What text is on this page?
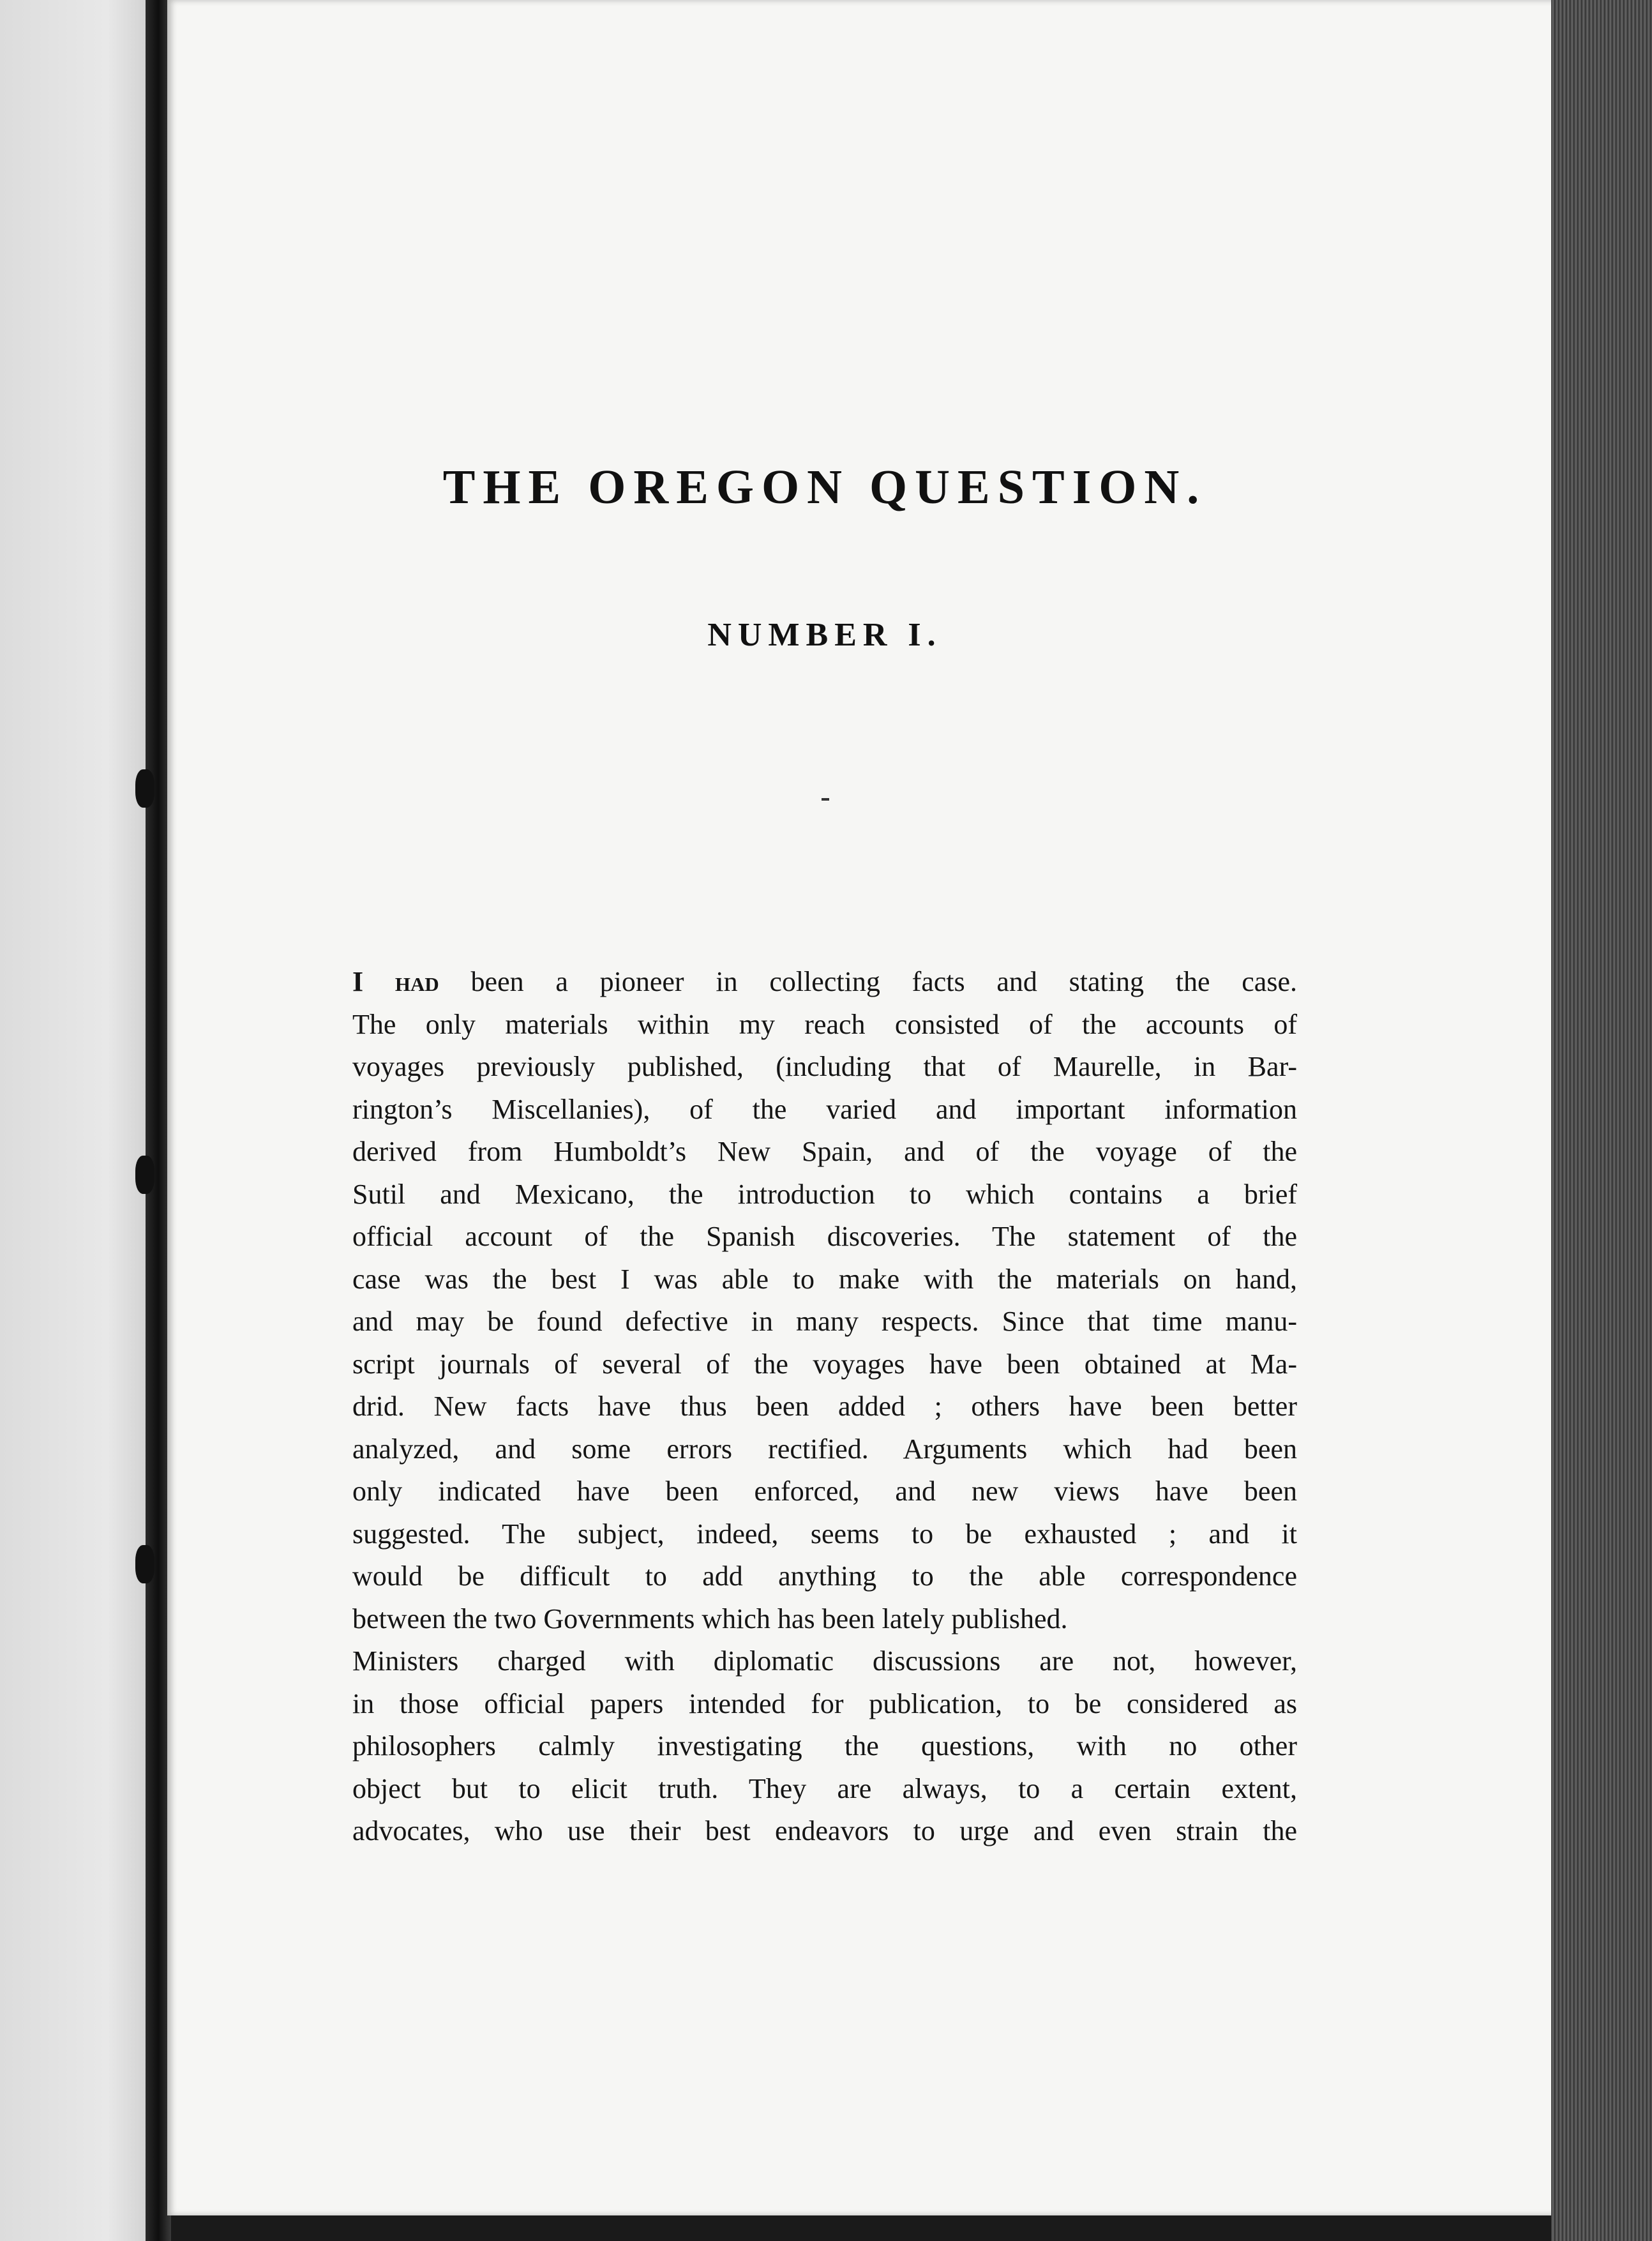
THE OREGON QUESTION.
NUMBER I.
I had been a pioneer in collecting facts and stating the case.
The only materials within my reach consisted of the accounts of
voyages previously published, (including that of Maurelle, in Bar-
rington’s Miscellanies), of the varied and important information
derived from Humboldt’s New Spain, and of the voyage of the
Sutil and Mexicano, the introduction to which contains a brief
official account of the Spanish discoveries. The statement of the
case was the best I was able to make with the materials on hand,
and may be found defective in many respects. Since that time manu-
script journals of several of the voyages have been obtained at Ma-
drid. New facts have thus been added ; others have been better
analyzed, and some errors rectified. Arguments which had been
only indicated have been enforced, and new views have been
suggested. The subject, indeed, seems to be exhausted ; and it
would be difficult to add anything to the able correspondence
between the two Governments which has been lately published.
Ministers charged with diplomatic discussions are not, however,
in those official papers intended for publication, to be considered as
philosophers calmly investigating the questions, with no other
object but to elicit truth. They are always, to a certain extent,
advocates, who use their best endeavors to urge and even strain the
